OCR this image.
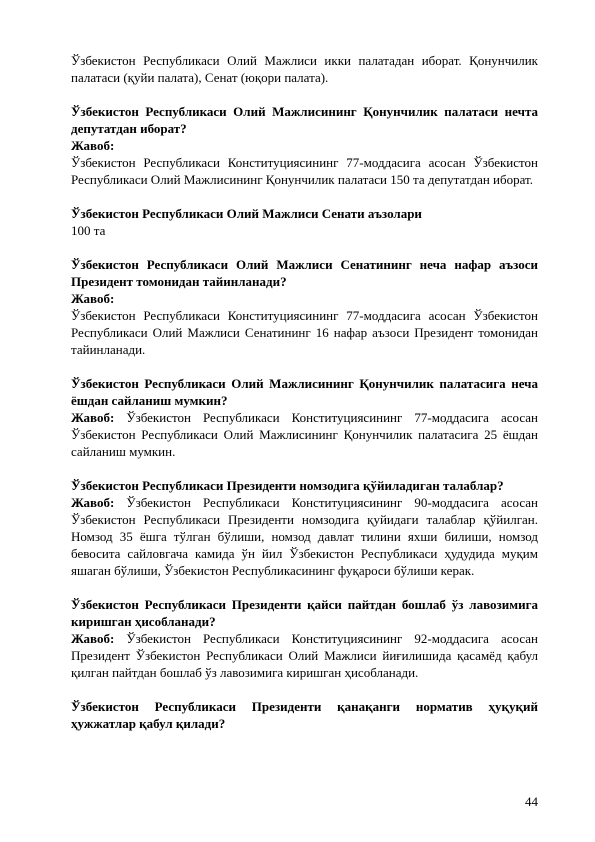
Ўзбекистон Республикаси Олий Мажлиси икки палатадан иборат. Қонунчилик палатаси (қуйи палата), Сенат (юқори палата).

Ўзбекистон Республикаси Олий Мажлисининг Қонунчилик палатаси нечта депутатдан иборат?

Жавоб:

Ўзбекистон Республикаси Конституциясининг 77-моддасига асосан Ўзбекистон Республикаси Олий Мажлисининг Қонунчилик палатаси 150 та депутатдан иборат.

Ўзбекистон Республикаси Олий Мажлиси Сенати аъзолари

100 та

Ўзбекистон Республикаси Олий Мажлиси Сенатининг неча нафар аъзоси Президент томонидан тайинланади?

Жавоб:

Ўзбекистон Республикаси Конституциясининг 77-моддасига асосан Ўзбекистон Республикаси Олий Мажлиси Сенатининг 16 нафар аъзоси Президент томонидан тайинланади.

Ўзбекистон Республикаси Олий Мажлисининг Қонунчилик палатасига неча ёшдан сайланиш мумкин?

Жавоб: Ўзбекистон Республикаси Конституциясининг 77-моддасига асосан Ўзбекистон Республикаси Олий Мажлисининг Қонунчилик палатасига 25 ёшдан сайланиш мумкин.

Ўзбекистон Республикаси Президенти номзодига қўйиладиган талаблар?

Жавоб: Ўзбекистон Республикаси Конституциясининг 90-моддасига асосан Ўзбекистон Республикаси Президенти номзодига қуйидаги талаблар қўйилган. Номзод 35 ёшга тўлган бўлиши, номзод давлат тилини яхши билиши, номзод бевосита сайловгача камида ўн йил Ўзбекистон Республикаси ҳудудида муқим яшаган бўлиши, Ўзбекистон Республикасининг фуқароси бўлиши керак.

Ўзбекистон Республикаси Президенти қайси пайтдан бошлаб ўз лавозимига киришган ҳисобланади?

Жавоб: Ўзбекистон Республикаси Конституциясининг 92-моддасига асосан Президент Ўзбекистон Республикаси Олий Мажлиси йиғилишида қасамёд қабул қилган пайтдан бошлаб ўз лавозимига киришган ҳисобланади.

Ўзбекистон Республикаси Президенти қанақанги норматив ҳуқуқий ҳужжатлар қабул қилади?

44
